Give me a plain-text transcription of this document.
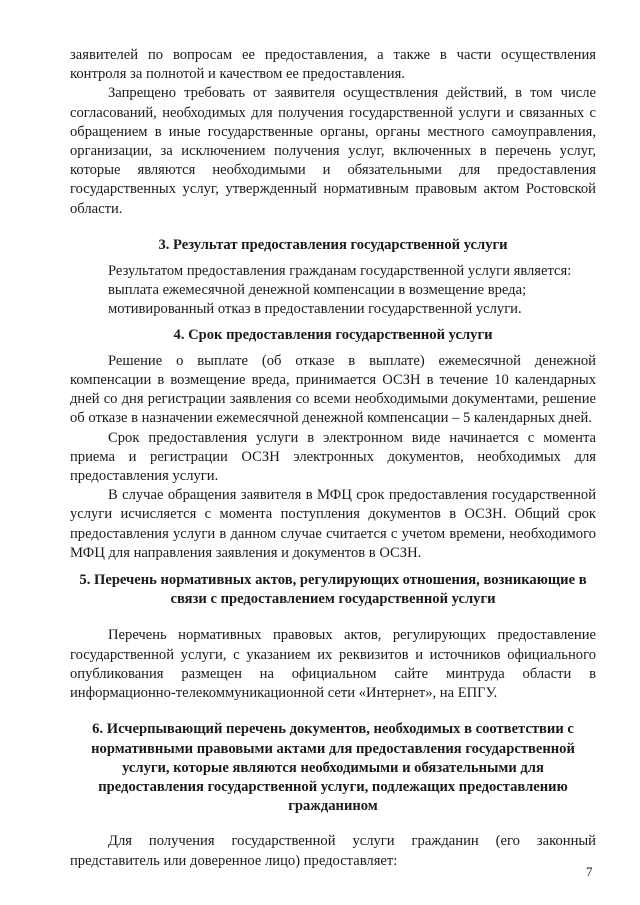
заявителей по вопросам ее предоставления, а также в части осуществления контроля за полнотой и качеством ее предоставления.

Запрещено требовать от заявителя осуществления действий, в том числе согласований, необходимых для получения государственной услуги и связанных с обращением в иные государственные органы, органы местного самоуправления, организации, за исключением получения услуг, включенных в перечень услуг, которые являются необходимыми и обязательными для предоставления государственных услуг, утвержденный нормативным правовым актом Ростовской области.

3. Результат предоставления государственной услуги

Результатом предоставления гражданам государственной услуги является:

выплата ежемесячной денежной компенсации в возмещение вреда;

мотивированный отказ в предоставлении государственной услуги.

4. Срок предоставления государственной услуги

Решение о выплате (об отказе в выплате) ежемесячной денежной компенсации в возмещение вреда, принимается ОСЗН в течение 10 календарных дней со дня регистрации заявления со всеми необходимыми документами, решение об отказе в назначении ежемесячной денежной компенсации – 5 календарных дней.

Срок предоставления услуги в электронном виде начинается с момента приема и регистрации ОСЗН электронных документов, необходимых для предоставления услуги.

В случае обращения заявителя в МФЦ срок предоставления государственной услуги исчисляется с момента поступления документов в ОСЗН. Общий срок предоставления услуги в данном случае считается с учетом времени, необходимого МФЦ для направления заявления и документов в ОСЗН.

5. Перечень нормативных актов, регулирующих отношения, возникающие в связи с предоставлением государственной услуги

Перечень нормативных правовых актов, регулирующих предоставление государственной услуги, с указанием их реквизитов и источников официального опубликования размещен на официальном сайте минтруда области в информационно-телекоммуникационной сети «Интернет», на ЕПГУ.

6. Исчерпывающий перечень документов, необходимых в соответствии с нормативными правовыми актами для предоставления государственной услуги, которые являются необходимыми и обязательными для предоставления государственной услуги, подлежащих предоставлению гражданином

Для получения государственной услуги гражданин (его законный представитель или доверенное лицо) предоставляет:

7
